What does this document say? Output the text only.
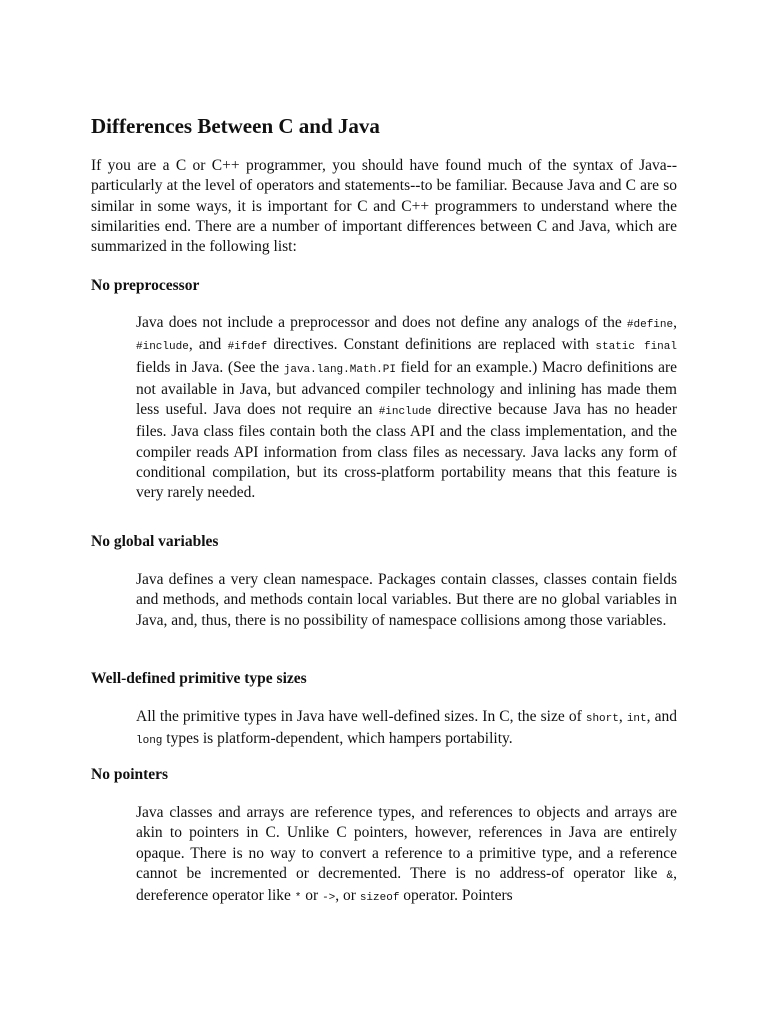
Differences Between C and Java

If you are a C or C++ programmer, you should have found much of the syntax of Java--particularly at the level of operators and statements--to be familiar. Because Java and C are so similar in some ways, it is important for C and C++ programmers to understand where the similarities end. There are a number of important differences between C and Java, which are summarized in the following list:

No preprocessor

Java does not include a preprocessor and does not define any analogs of the #define, #include, and #ifdef directives. Constant definitions are replaced with static final fields in Java. (See the java.lang.Math.PI field for an example.) Macro definitions are not available in Java, but advanced compiler technology and inlining has made them less useful. Java does not require an #include directive because Java has no header files. Java class files contain both the class API and the class implementation, and the compiler reads API information from class files as necessary. Java lacks any form of conditional compilation, but its cross-platform portability means that this feature is very rarely needed.

No global variables

Java defines a very clean namespace. Packages contain classes, classes contain fields and methods, and methods contain local variables. But there are no global variables in Java, and, thus, there is no possibility of namespace collisions among those variables.

Well-defined primitive type sizes

All the primitive types in Java have well-defined sizes. In C, the size of short, int, and long types is platform-dependent, which hampers portability.

No pointers

Java classes and arrays are reference types, and references to objects and arrays are akin to pointers in C. Unlike C pointers, however, references in Java are entirely opaque. There is no way to convert a reference to a primitive type, and a reference cannot be incremented or decremented. There is no address-of operator like &, dereference operator like * or ->, or sizeof operator. Pointers
